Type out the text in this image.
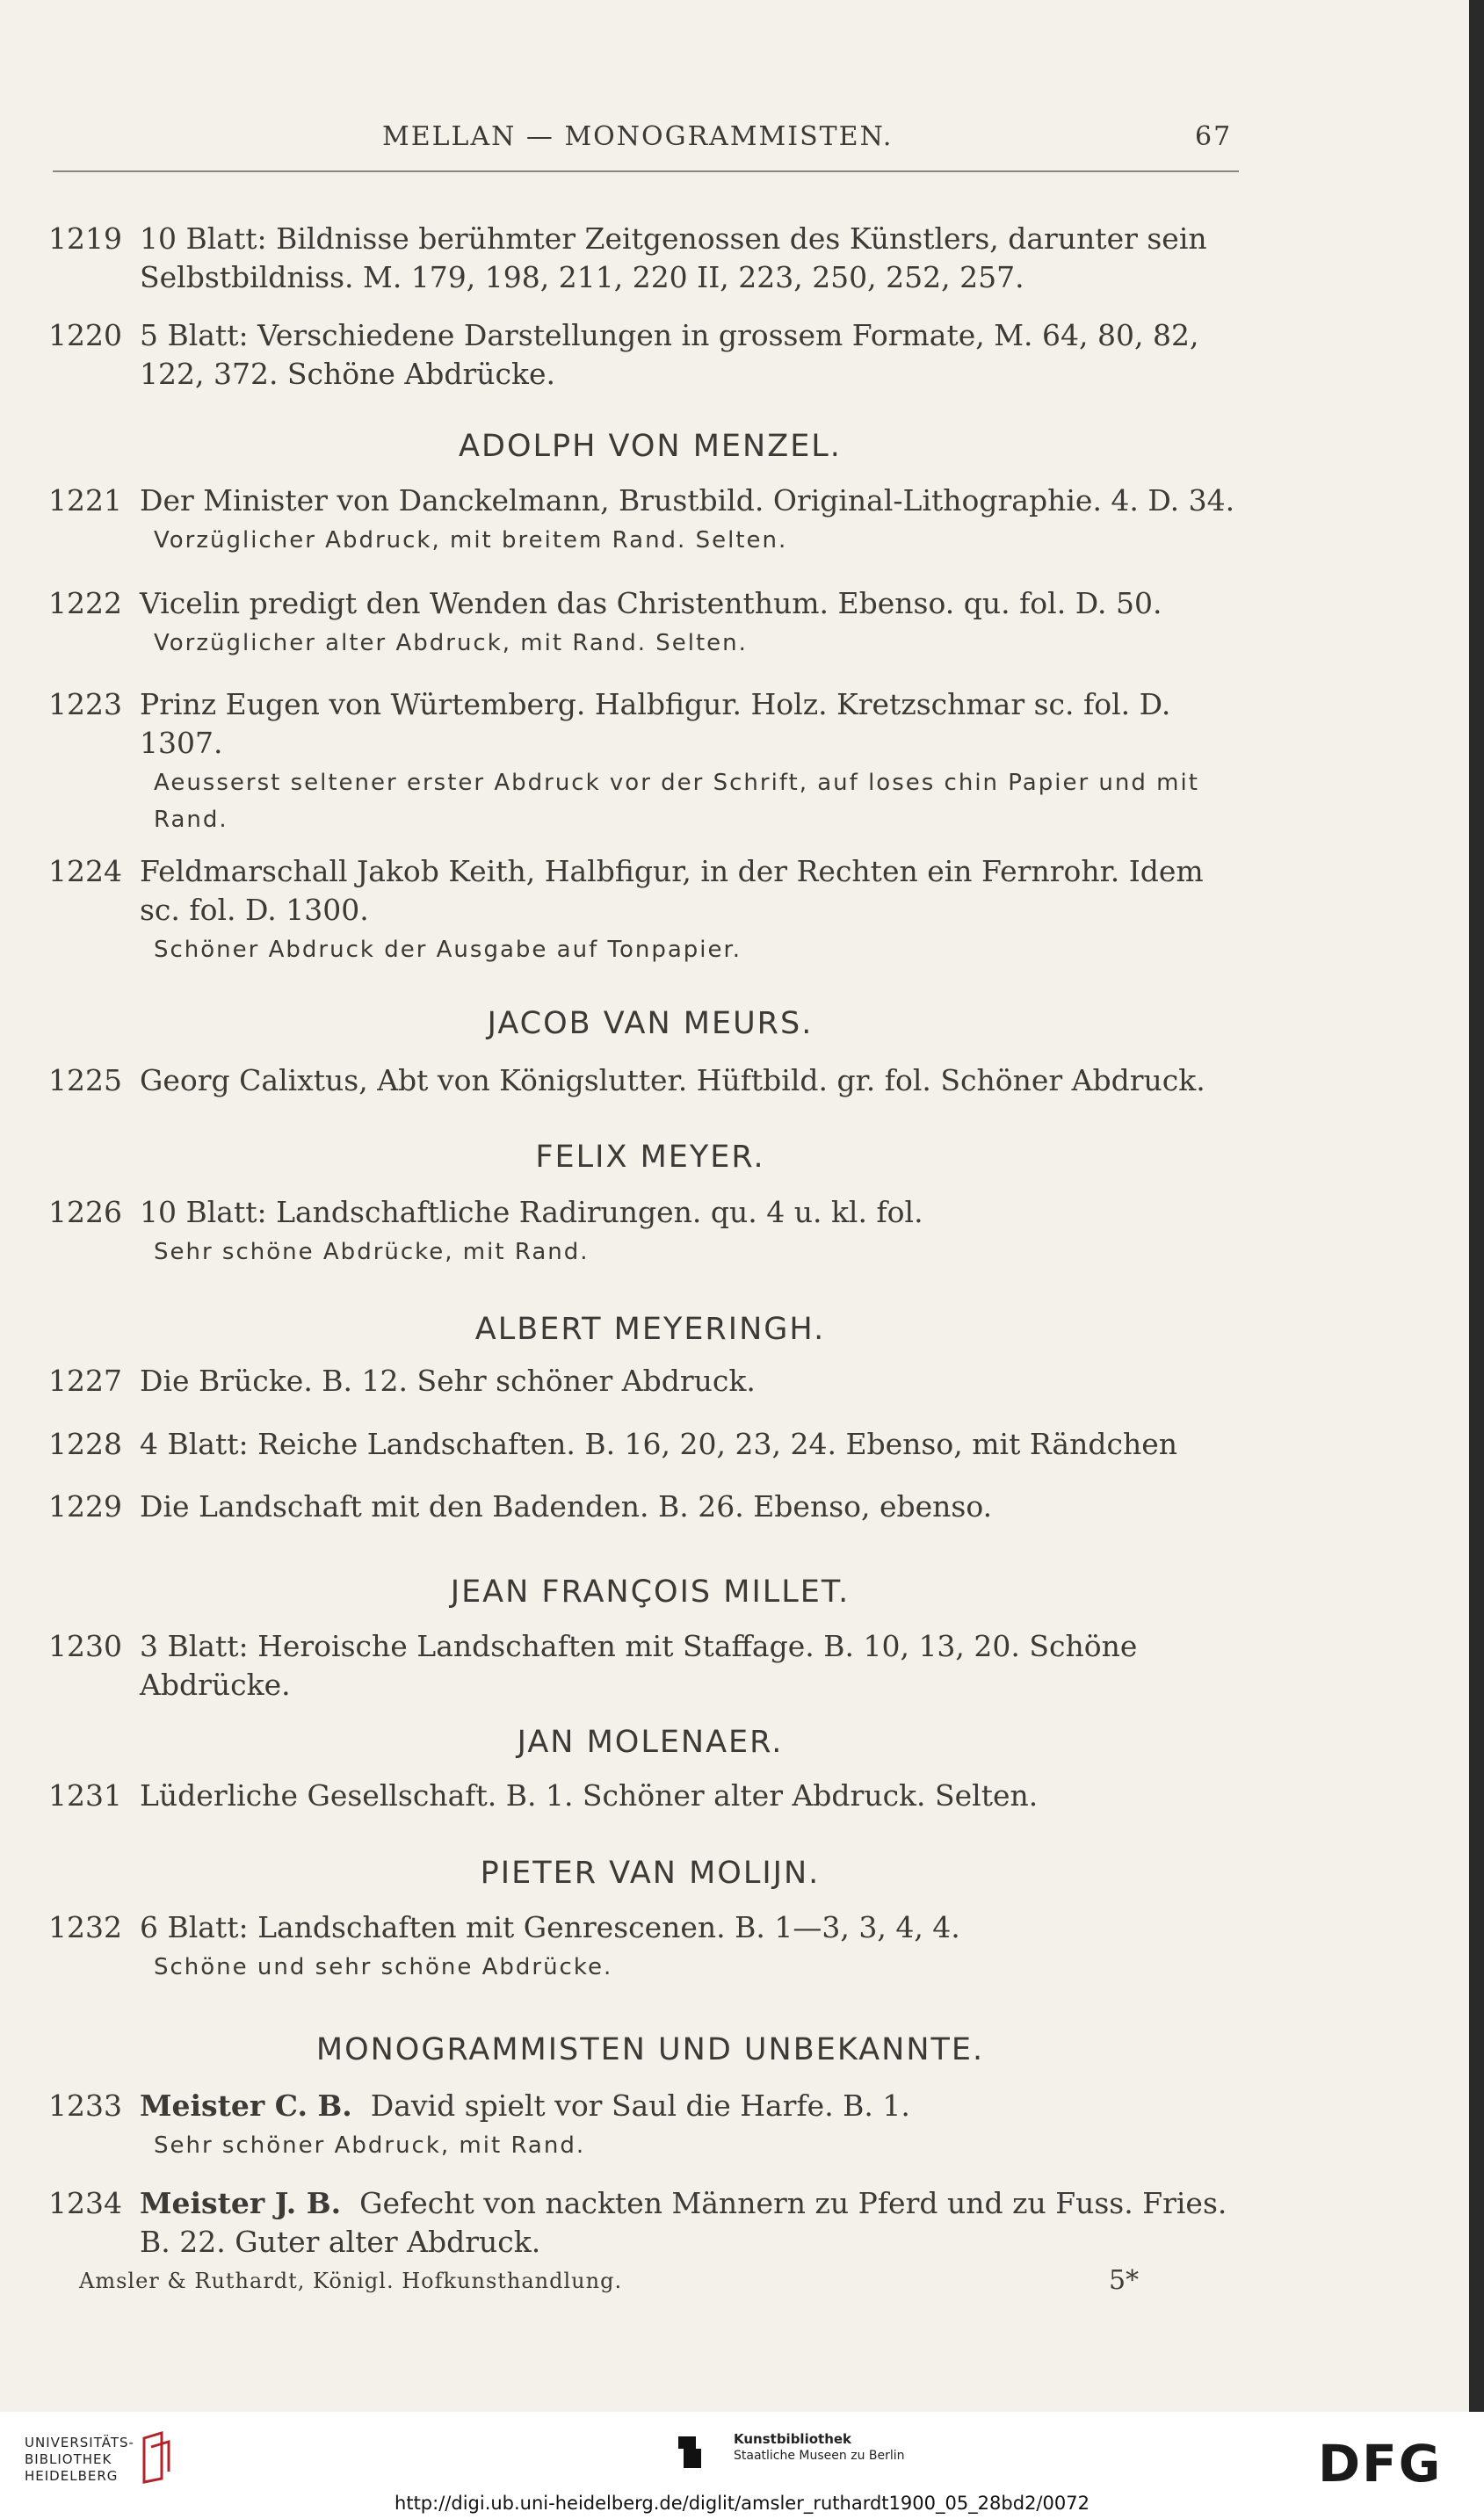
MELLAN — MONOGRAMMISTEN.	67
1219 10 Blatt: Bildnisse berühmter Zeitgenossen des Künstlers, darunter sein Selbstbildniss. M. 179, 198, 211, 220 II, 223, 250, 252, 257.
1220 5 Blatt: Verschiedene Darstellungen in grossem Formate, M. 64, 80, 82, 122, 372. Schöne Abdrücke.
ADOLPH VON MENZEL.
1221 Der Minister von Danckelmann, Brustbild. Original-Lithographie. 4. D. 34.
Vorzüglicher Abdruck, mit breitem Rand. Selten.
1222 Vicelin predigt den Wenden das Christenthum. Ebenso. qu. fol. D. 50.
Vorzüglicher alter Abdruck, mit Rand. Selten.
1223 Prinz Eugen von Würtemberg. Halbfigur. Holz. Kretzschmar sc. fol. D. 1307.
Aeusserst seltener erster Abdruck vor der Schrift, auf loses chin Papier und mit Rand.
1224 Feldmarschall Jakob Keith, Halbfigur, in der Rechten ein Fernrohr. Idem sc. fol. D. 1300.
Schöner Abdruck der Ausgabe auf Tonpapier.
JACOB VAN MEURS.
1225 Georg Calixtus, Abt von Königslutter. Hüftbild. gr. fol. Schöner Abdruck.
FELIX MEYER.
1226 10 Blatt: Landschaftliche Radirungen. qu. 4 u. kl. fol.
Sehr schöne Abdrücke, mit Rand.
ALBERT MEYERINGH.
1227 Die Brücke. B. 12. Sehr schöner Abdruck.
1228 4 Blatt: Reiche Landschaften. B. 16, 20, 23, 24. Ebenso, mit Rändchen
1229 Die Landschaft mit den Badenden. B. 26. Ebenso, ebenso.
JEAN FRANÇOIS MILLET.
1230 3 Blatt: Heroische Landschaften mit Staffage. B. 10, 13, 20. Schöne Abdrücke.
JAN MOLENAER.
1231 Lüderliche Gesellschaft. B. 1. Schöner alter Abdruck. Selten.
PIETER VAN MOLIJN.
1232 6 Blatt: Landschaften mit Genrescenen. B. 1—3, 3, 4, 4.
Schöne und sehr schöne Abdrücke.
MONOGRAMMISTEN UND UNBEKANNTE.
1233 Meister C. B. David spielt vor Saul die Harfe. B. 1.
Sehr schöner Abdruck, mit Rand.
1234 Meister J. B. Gefecht von nackten Männern zu Pferd und zu Fuss. Fries. B. 22. Guter alter Abdruck.
Amsler & Ruthardt, Königl. Hofkunsthandlung.	5*
UNIVERSITÄTS-
BIBLIOTHEK
HEIDELBERG
Kunstbibliothek
Staatliche Museen zu Berlin	DFG
http://digi.ub.uni-heidelberg.de/diglit/amsler_ruthardt1900_05_28bd2/0072
